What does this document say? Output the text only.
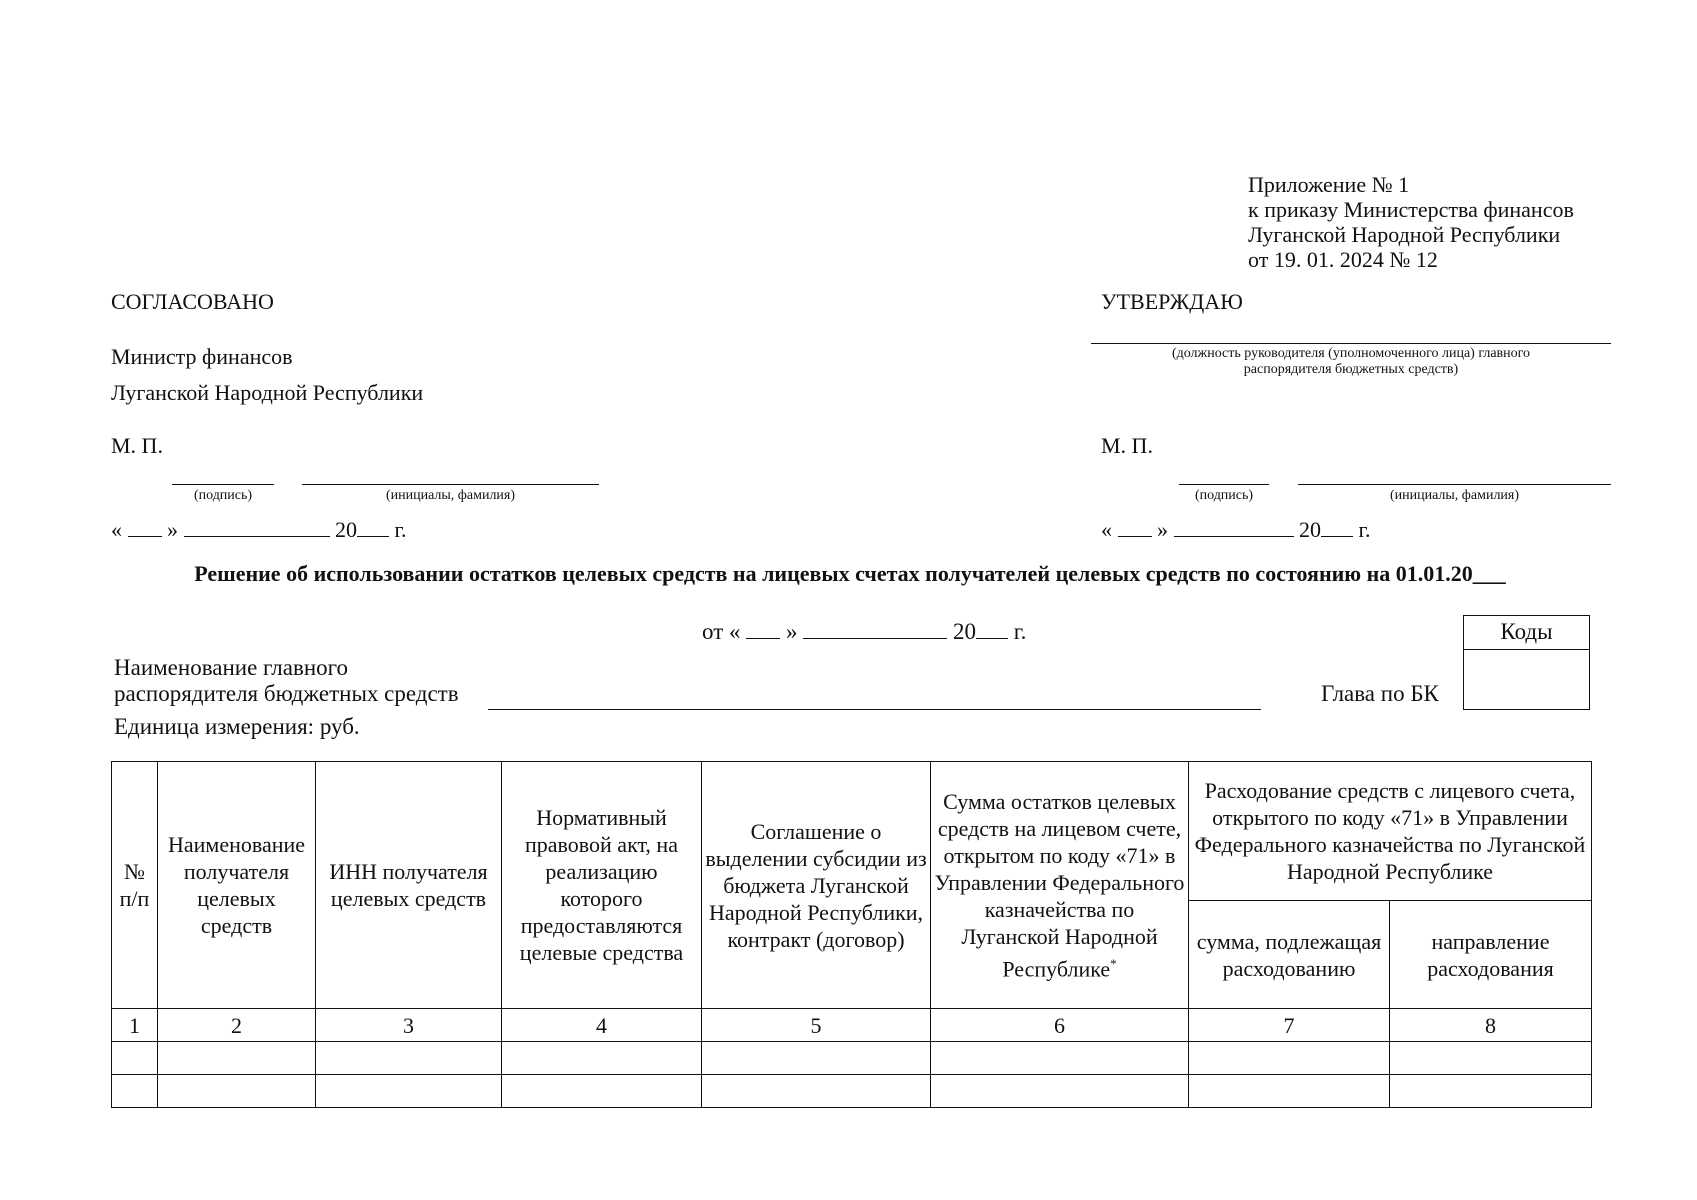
Приложение № 1
к приказу Министерства финансов
Луганской Народной Республики
от 19. 01. 2024 № 12
СОГЛАСОВАНО
Министр финансов
Луганской Народной Республики
М. П.
(подпись)	(инициалы, фамилия)
« »	20 г.
УТВЕРЖДАЮ
(должность руководителя (уполномоченного лица) главного
распорядителя бюджетных средств)
М. П.
(подпись)	(инициалы, фамилия)
« »	20 г.
Решение об использовании остатков целевых средств на лицевых счетах получателей целевых средств по состоянию на 01.01.20___
от « »	20 г.	Коды
Глава по БК
Наименование главного
распорядителя бюджетных средств
Единица измерения: руб.
№ п/п	Наименование получателя целевых средств	ИНН получателя целевых средств	Нормативный правовой акт, на реализацию которого предоставляются целевые средства	Соглашение о выделении субсидии из бюджета Луганской Народной Республики, контракт (договор)	Сумма остатков целевых средств на лицевом счете, открытом по коду «71» в Управлении Федерального казначейства по Луганской Народной Республике*	Расходование средств с лицевого счета, открытого по коду «71» в Управлении Федерального казначейства по Луганской Народной Республике	
						сумма, подлежащая расходованию	направление расходования
1	2	3	4	5	6	7	8
